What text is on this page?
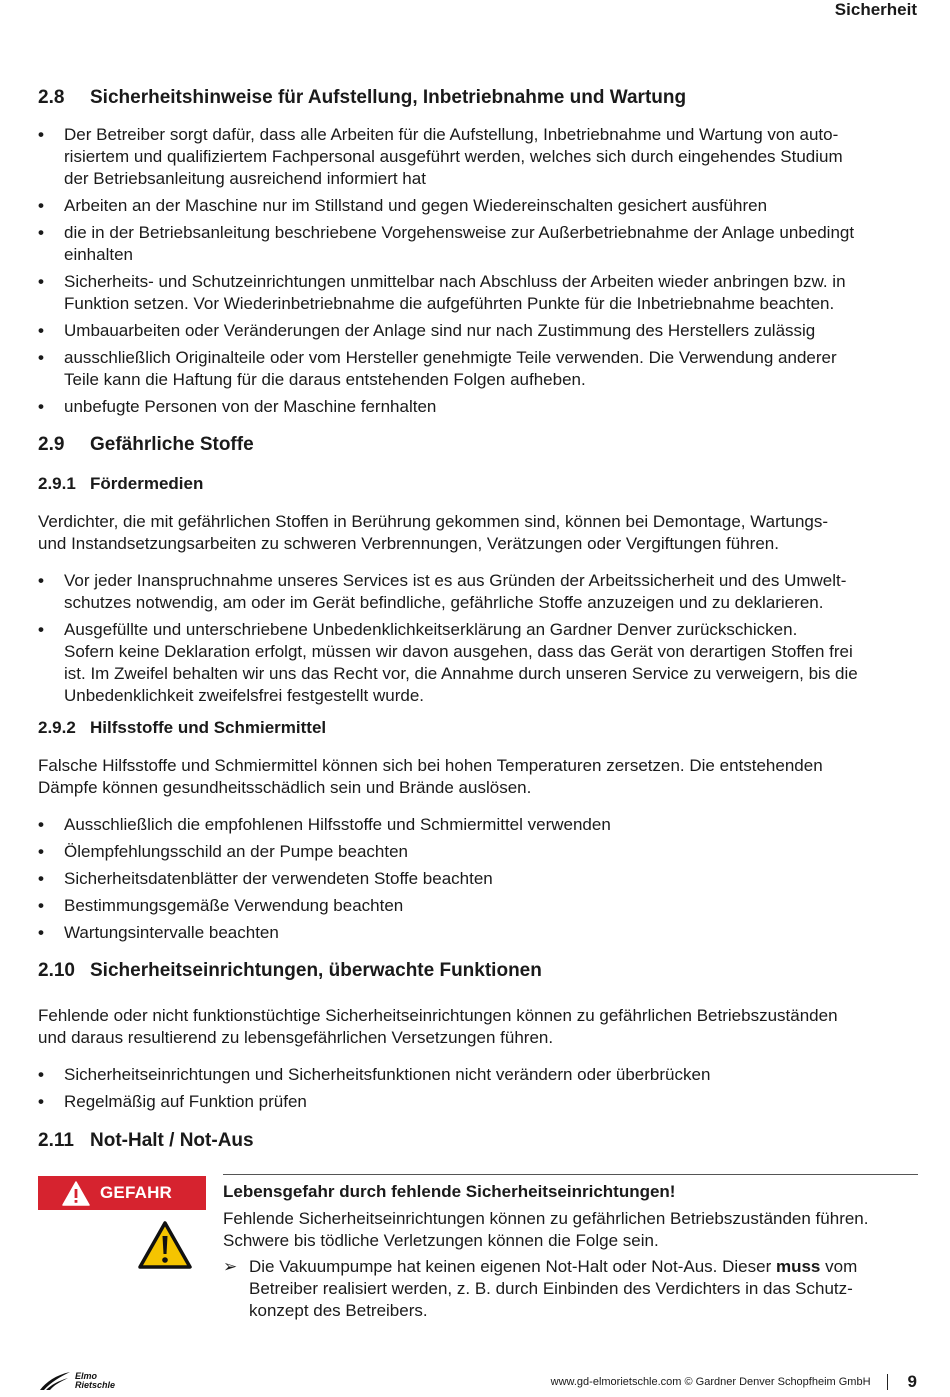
Sicherheit
2.8 Sicherheitshinweise für Aufstellung, Inbetriebnahme und Wartung
• Der Betreiber sorgt dafür, dass alle Arbeiten für die Aufstellung, Inbetriebnahme und Wartung von auto-
risiertem und qualifiziertem Fachpersonal ausgeführt werden, welches sich durch eingehendes Studium
der Betriebsanleitung ausreichend informiert hat
• Arbeiten an der Maschine nur im Stillstand und gegen Wiedereinschalten gesichert ausführen
• die in der Betriebsanleitung beschriebene Vorgehensweise zur Außerbetriebnahme der Anlage unbedingt
einhalten
• Sicherheits- und Schutzeinrichtungen unmittelbar nach Abschluss der Arbeiten wieder anbringen bzw. in
Funktion setzen. Vor Wiederinbetriebnahme die aufgeführten Punkte für die Inbetriebnahme beachten.
• Umbauarbeiten oder Veränderungen der Anlage sind nur nach Zustimmung des Herstellers zulässig
• ausschließlich Originalteile oder vom Hersteller genehmigte Teile verwenden. Die Verwendung anderer
Teile kann die Haftung für die daraus entstehenden Folgen aufheben.
• unbefugte Personen von der Maschine fernhalten
2.9 Gefährliche Stoffe
2.9.1 Fördermedien
Verdichter, die mit gefährlichen Stoffen in Berührung gekommen sind, können bei Demontage, Wartungs-
und Instandsetzungsarbeiten zu schweren Verbrennungen, Verätzungen oder Vergiftungen führen.
• Vor jeder Inanspruchnahme unseres Services ist es aus Gründen der Arbeitssicherheit und des Umwelt-
schutzes notwendig, am oder im Gerät befindliche, gefährliche Stoffe anzuzeigen und zu deklarieren.
• Ausgefüllte und unterschriebene Unbedenklichkeitserklärung an Gardner Denver zurückschicken.
Sofern keine Deklaration erfolgt, müssen wir davon ausgehen, dass das Gerät von derartigen Stoffen frei
ist. Im Zweifel behalten wir uns das Recht vor, die Annahme durch unseren Service zu verweigern, bis die
Unbedenklichkeit zweifelsfrei festgestellt wurde.
2.9.2 Hilfsstoffe und Schmiermittel
Falsche Hilfsstoffe und Schmiermittel können sich bei hohen Temperaturen zersetzen. Die entstehenden
Dämpfe können gesundheitsschädlich sein und Brände auslösen.
• Ausschließlich die empfohlenen Hilfsstoffe und Schmiermittel verwenden
• Ölempfehlungsschild an der Pumpe beachten
• Sicherheitsdatenblätter der verwendeten Stoffe beachten
• Bestimmungsgemäße Verwendung beachten
• Wartungsintervalle beachten
2.10 Sicherheitseinrichtungen, überwachte Funktionen
Fehlende oder nicht funktionstüchtige Sicherheitseinrichtungen können zu gefährlichen Betriebszuständen
und daraus resultierend zu lebensgefährlichen Versetzungen führen.
• Sicherheitseinrichtungen und Sicherheitsfunktionen nicht verändern oder überbrücken
• Regelmäßig auf Funktion prüfen
2.11 Not-Halt / Not-Aus
GEFAHR	Lebensgefahr durch fehlende Sicherheitseinrichtungen!
Fehlende Sicherheitseinrichtungen können zu gefährlichen Betriebszuständen führen.
Schwere bis tödliche Verletzungen können die Folge sein.
➢ Die Vakuumpumpe hat keinen eigenen Not-Halt oder Not-Aus. Dieser muss vom
Betreiber realisiert werden, z. B. durch Einbinden des Verdichters in das Schutz-
konzept des Betreibers.
Elmo
Rietschle	www.gd-elmorietschle.com © Gardner Denver Schopfheim GmbH 9
